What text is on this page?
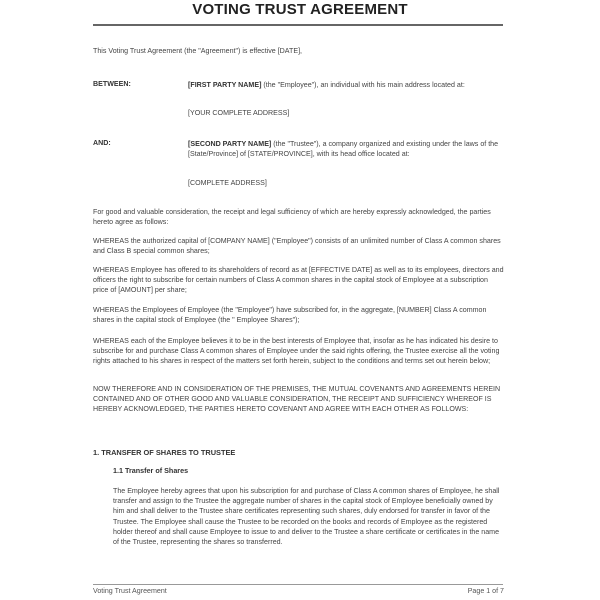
VOTING TRUST AGREEMENT
This Voting Trust Agreement (the "Agreement") is effective [DATE],
BETWEEN:	[FIRST PARTY NAME] (the "Employee"), an individual with his main address located at:
[YOUR COMPLETE ADDRESS]
AND:	[SECOND PARTY NAME] (the "Trustee"), a company organized and existing under the laws of the [State/Province] of [STATE/PROVINCE], with its head office located at:
[COMPLETE ADDRESS]
For good and valuable consideration, the receipt and legal sufficiency of which are hereby expressly acknowledged, the parties hereto agree as follows:
WHEREAS the authorized capital of [COMPANY NAME] ("Employee") consists of an unlimited number of Class A common shares and Class B special common shares;
WHEREAS Employee has offered to its shareholders of record as at [EFFECTIVE DATE] as well as to its employees, directors and officers the right to subscribe for certain numbers of Class A common shares in the capital stock of Employee at a subscription price of [AMOUNT] per share;
WHEREAS the Employees of Employee (the "Employee") have subscribed for, in the aggregate, [NUMBER] Class A common shares in the capital stock of Employee (the " Employee Shares");
WHEREAS each of the Employee believes it to be in the best interests of Employee that, insofar as he has indicated his desire to subscribe for and purchase Class A common shares of Employee under the said rights offering, the Trustee exercise all the voting rights attached to his shares in respect of the matters set forth herein, subject to the conditions and terms set out herein below;
NOW THEREFORE AND IN CONSIDERATION OF THE PREMISES, THE MUTUAL COVENANTS AND AGREEMENTS HEREIN CONTAINED AND OF OTHER GOOD AND VALUABLE CONSIDERATION, THE RECEIPT AND SUFFICIENCY WHEREOF IS HEREBY ACKNOWLEDGED, THE PARTIES HERETO COVENANT AND AGREE WITH EACH OTHER AS FOLLOWS:
1. TRANSFER OF SHARES TO TRUSTEE
1.1 Transfer of Shares
The Employee hereby agrees that upon his subscription for and purchase of Class A common shares of Employee, he shall transfer and assign to the Trustee the aggregate number of shares in the capital stock of Employee beneficially owned by him and shall deliver to the Trustee share certificates representing such shares, duly endorsed for transfer in favor of the Trustee. The Employee shall cause the Trustee to be recorded on the books and records of Employee as the registered holder thereof and shall cause Employee to issue to and deliver to the Trustee a share certificate or certificates in the name of the Trustee, representing the shares so transferred.
Voting Trust Agreement	Page 1 of 7
